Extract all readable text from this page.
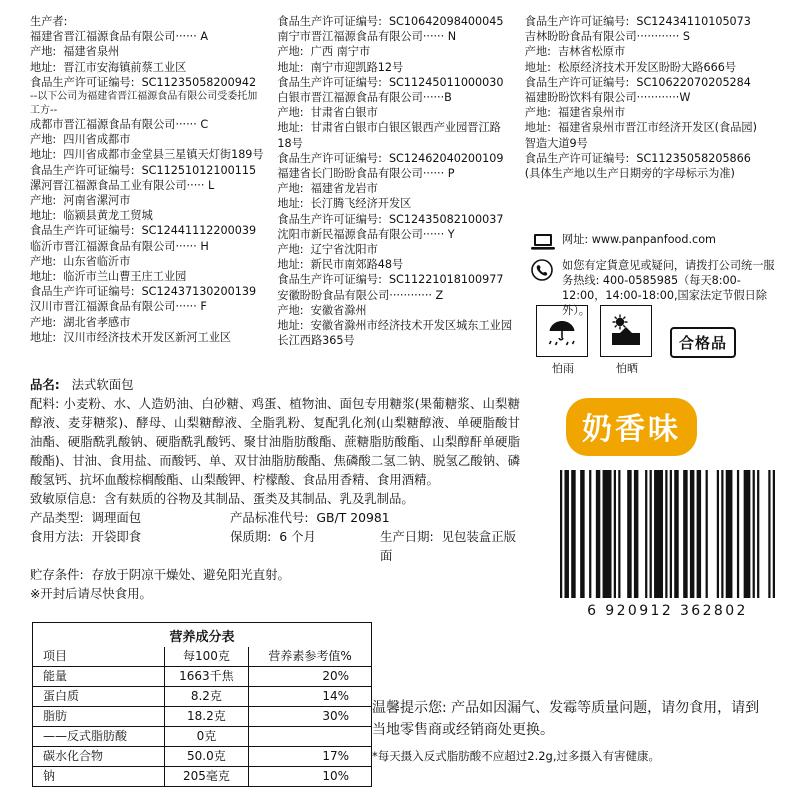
生产者:
福建省晋江福源食品有限公司······ A
产地:  福建省泉州
地址:  晋江市安海镇前蔡工业区
食品生产许可证编号:  SC11235058200942
--以下公司为福建省晋江福源食品有限公司受委托加工方--
成都市晋江福源食品有限公司······ C
产地:  四川省成都市
地址:  四川省成都市金堂县三星镇天灯街189号
食品生产许可证编号:  SC11251012100115
漯河晋江福源食品工业有限公司····· L
产地:  河南省漯河市
地址:  临颍县黄龙工贸城
食品生产许可证编号:  SC12441112200039
临沂市晋江福源食品有限公司······ H
产地:  山东省临沂市
地址:  临沂市兰山曹王庄工业园
食品生产许可证编号:  SC12437130200139
汉川市晋江福源食品有限公司······ F
产地:  湖北省孝感市
地址:  汉川市经济技术开发区新河工业区
食品生产许可证编号:  SC10642098400045
南宁市晋江福源食品有限公司······ N
产地:  广西 南宁市
地址:  南宁市迎凯路12号
食品生产许可证编号:  SC11245011000030
白银市晋江福源食品有限公司······B
产地:  甘肃省白银市
地址:  甘肃省白银市白银区银西产业园晋江路18号
食品生产许可证编号:  SC12462040200109
福建省长门盼盼食品有限公司······ P
产地:  福建省龙岩市
地址:  长汀腾飞经济开发区
食品生产许可证编号:  SC12435082100037
沈阳市新民福源食品有限公司······ Y
产地:  辽宁省沈阳市
地址:  新民市南郊路48号
食品生产许可证编号:  SC11221018100977
安徽盼盼食品有限公司············ Z
产地:  安徽省滁州
地址:  安徽省滁州市经济技术开发区城东工业园长江西路365号
食品生产许可证编号:  SC12434110105073
吉林盼盼食品有限公司············ S
产地:  吉林省松原市
地址:  松原经济技术开发区盼盼大路666号
食品生产许可证编号:  SC10622070205284
福建盼盼饮料有限公司············W
产地:  福建省泉州市
地址:  福建省泉州市晋江市经济开发区(食品园) 智造大道9号
食品生产许可证编号:  SC11235058205866
(具体生产地以生产日期旁的字母标示为准)
网址: www.panpanfood.com
如您有定貨意见或疑问，请拨打公司统一服务热线: 400-0585985（每天8:00-12:00，14:00-18:00,国家法定节假日除外）。
怕雨	怕晒
合格品
品名: 法式软面包
配料: 小麦粉、水、人造奶油、白砂糖、鸡蛋、植物油、面包专用糖浆(果葡糖浆、山梨糖醇液、麦芽糖浆)、酵母、山梨糖醇液、全脂乳粉、复配乳化剂(山梨糖醇液、单硬脂酸甘油酯、硬脂酰乳酸钠、硬脂酰乳酸钙、聚甘油脂肪酸酯、蔗糖脂肪酸酯、山梨醇酐单硬脂酸酯)、甘油、食用盐、而酸钙、单、双甘油脂肪酸酯、焦磷酸二氢二钠、脱氢乙酸钠、磷酸氢钙、抗坏血酸棕榈酸酯、山梨酸钾、柠檬酸、食品用香精、食用酒精。
致敏原信息: 含有麸质的谷物及其制品、蛋类及其制品、乳及乳制品。
产品类型: 调理面包	产品标准代号: GB/T 20981
食用方法: 开袋即食	保质期: 6 个月	生产日期: 见包装盒正版面
贮存条件: 存放于阴凉干燥处、避免阳光直射。
※开封后请尽快食用。
营养成分表
项目	每100克	营养素参考值%
能量	1663千焦	20%
蛋白质	8.2克	14%
脂肪	18.2克	30%
——反式脂肪酸	0克	
碳水化合物	50.0克	17%
钠	205毫克	10%
奶香味
6 920912 362802
温馨提示您: 产品如因漏气、发霉等质量问题，请勿食用，请到当地零售商或经销商处更换。
*每天摄入反式脂肪酸不应超过2.2g,过多摄入有害健康。
